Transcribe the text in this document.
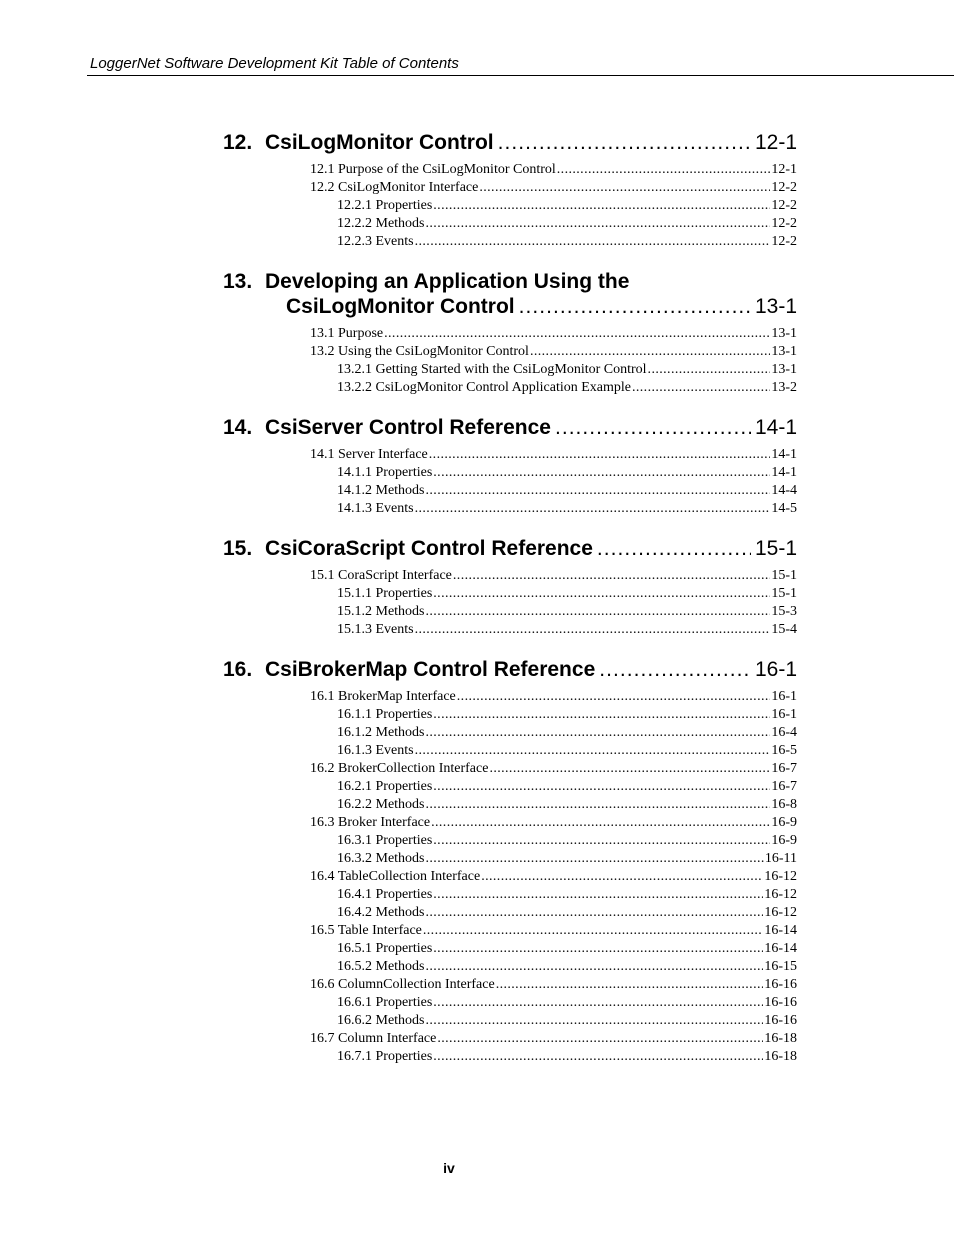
LoggerNet Software Development Kit Table of Contents
12. CsiLogMonitor Control . . .	12-1
12.1 Purpose of the CsiLogMonitor Control .....	12-1
12.2 CsiLogMonitor Interface .....	12-2
12.2.1 Properties .....	12-2
12.2.2 Methods .....	12-2
12.2.3 Events .....	12-2
13. Developing an Application Using the
CsiLogMonitor Control . . .	13-1
13.1 Purpose .....	13-1
13.2 Using the CsiLogMonitor Control .....	13-1
13.2.1 Getting Started with the CsiLogMonitor Control .....	13-1
13.2.2 CsiLogMonitor Control Application Example .....	13-2
14. CsiServer Control Reference . . .	14-1
14.1 Server Interface .....	14-1
14.1.1 Properties .....	14-1
14.1.2 Methods .....	14-4
14.1.3 Events .....	14-5
15. CsiCoraScript Control Reference . . .	15-1
15.1 CoraScript Interface .....	15-1
15.1.1 Properties .....	15-1
15.1.2 Methods .....	15-3
15.1.3 Events .....	15-4
16. CsiBrokerMap Control Reference . . .	16-1
16.1 BrokerMap Interface .....	16-1
16.1.1 Properties .....	16-1
16.1.2 Methods .....	16-4
16.1.3 Events .....	16-5
16.2 BrokerCollection Interface .....	16-7
16.2.1 Properties .....	16-7
16.2.2 Methods .....	16-8
16.3 Broker Interface .....	16-9
16.3.1 Properties .....	16-9
16.3.2 Methods .....	16-11
16.4 TableCollection Interface .....	16-12
16.4.1 Properties .....	16-12
16.4.2 Methods .....	16-12
16.5 Table Interface .....	16-14
16.5.1 Properties .....	16-14
16.5.2 Methods .....	16-15
16.6 ColumnCollection Interface .....	16-16
16.6.1 Properties .....	16-16
16.6.2 Methods .....	16-16
16.7 Column Interface .....	16-18
16.7.1 Properties .....	16-18
iv
